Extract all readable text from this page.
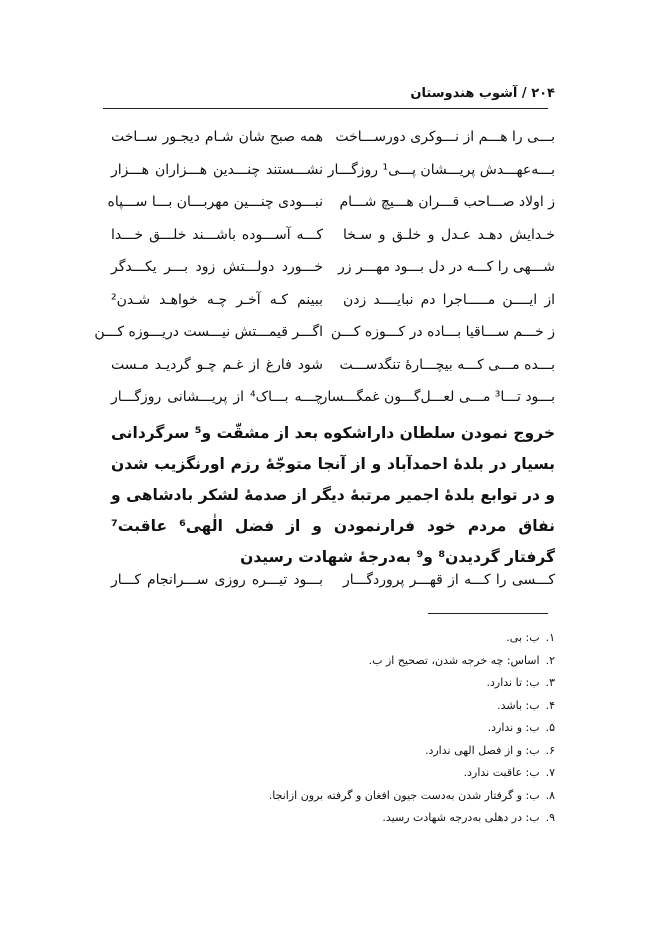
۲۰۴ / آشوب هندوستان
بـــی را هـــم از نـــوکری دورســـاخت
همه صبح شان شـام دیجـور ســاخت
بـــه‌عهـــدش پریـــشان پـــی¹ روزگـــار
نشـــستند چنـــدین هـــزاران هـــزار
ز اولاد صـــاحب قـــران هـــیچ شـــام
نبـــودی چنـــین مهربـــان بـــا ســـپاه
خـدایش دهـد عـدل و خلـق و سـخا
کـــه آســـوده باشـــند خلـــق خـــدا
شـــهی را کـــه در دل بـــود مهـــر زر
خـــورد دولـــتش زود بـــر یکـــدگر
از ایــــن مـــــاجرا دم نبایــــد زدن
ببینم کـه آخـر چـه خواهـد شـدن²
ز خـــم ســـاقیا بـــاده در کـــوزه کـــن
اگـــر قیمـــتش نیـــست دریـــوزه کـــن
بـــده مـــی کـــه بیچـــارهٔ تنگدســـت
شود فارغ از غـم چـو گردیـد مـست
بـــود تـــا³ مـــی لعـــل‌گـــون غمگـــسار
چـــه بـــاک⁴ از پریـــشانی روزگـــار
خروج نمودن سلطان داراشکوه بعد از مشقّت و⁵ سرگردانی بسیار در بلدهٔ احمدآباد و از آنجا متوجّهٔ رزم اورنگزیب شدن و در توابع بلدهٔ اجمیر مرتبهٔ دیگر از صدمهٔ لشکر بادشاهی و نفاق مردم خود فرارنمودن و از فضل الٰهی⁶ عاقبت⁷ گرفتار گردیدن⁸ و⁹ به‌درجهٔ شهادت رسیدن
کـــسی را کـــه از قهـــر پروردگـــار
بـــود تیـــره روزی ســـرانجام کـــار
۱.ب: بی.
۲.اساس: چه خرجه شدن، تصحیح از ب.
۳.ب: تا ندارد.
۴.ب: باشد.
۵.ب: و ندارد.
۶.ب: و از فصل الهی ندارد.
۷.ب: عاقبت ندارد.
۸.ب: و گرفتار شدن به‌دست جیون افغان و گرفته برون ازانجا.
۹.ب: در دهلی به‌درجه شهادت رسید.
